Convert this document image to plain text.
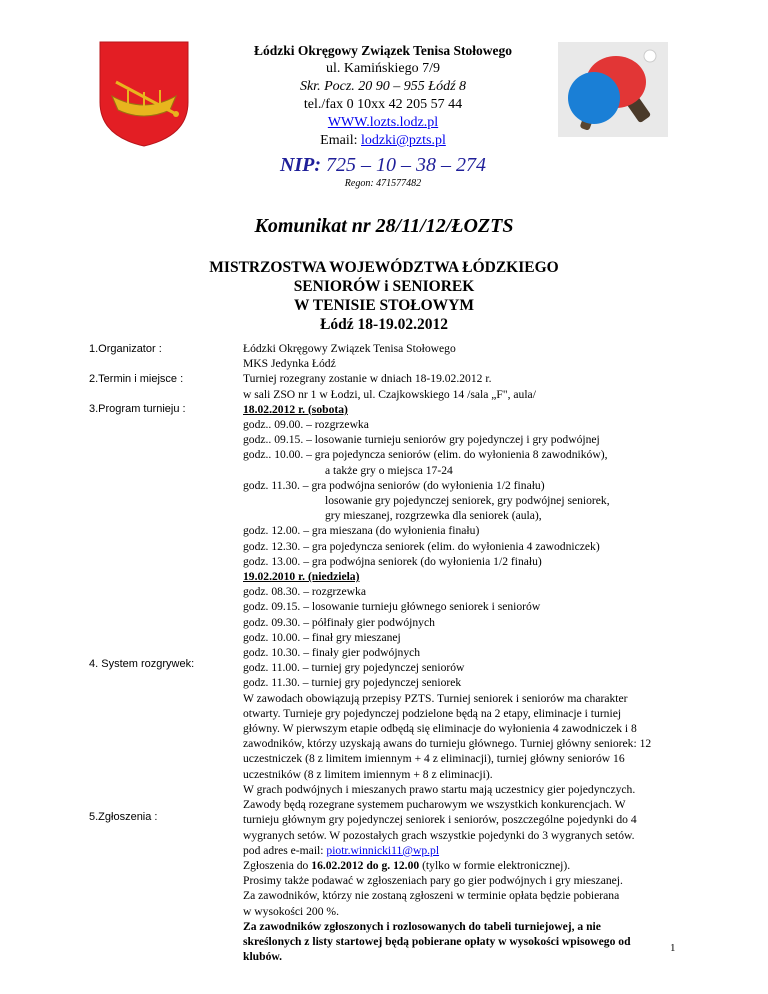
Łódzki Okręgowy Związek Tenisa Stołowego
ul. Kamińskiego 7/9
Skr. Pocz. 20 90 – 955 Łódź 8
tel./fax 0 10xx 42 205 57 44
WWW.lozts.lodz.pl
Email: lodzki@pzts.pl
NIP: 725 – 10 – 38 – 274
Regon: 471577482
Komunikat nr 28/11/12/ŁOZTS
MISTRZOSTWA WOJEWÓDZTWA ŁÓDZKIEGO
SENIORÓW i SENIOREK
W TENISIE STOŁOWYM
Łódź 18-19.02.2012
1.Organizator :
2.Termin i miejsce :
3.Program turnieju :
4. System rozgrywek:
5.Zgłoszenia :
Łódzki Okręgowy Związek Tenisa Stołowego
MKS Jedynka Łódź
Turniej rozegrany zostanie w dniach 18-19.02.2012 r.
w sali ZSO nr 1 w Łodzi, ul. Czajkowskiego 14 /sala „F", aula/
18.02.2012 r. (sobota)
godz.. 09.00. – rozgrzewka
godz.. 09.15. – losowanie turnieju seniorów gry pojedynczej i gry podwójnej
godz.. 10.00. – gra pojedyncza seniorów (elim. do wyłonienia 8 zawodników),
a także gry o miejsca 17-24
godz. 11.30. – gra podwójna seniorów (do wyłonienia 1/2 finału)
losowanie gry pojedynczej seniorek, gry podwójnej seniorek,
gry mieszanej, rozgrzewka dla seniorek (aula),
godz. 12.00. – gra mieszana (do wyłonienia finału)
godz. 12.30. – gra pojedyncza seniorek (elim. do wyłonienia 4 zawodniczek)
godz. 13.00. – gra podwójna seniorek (do wyłonienia 1/2 finału)
19.02.2010 r. (niedziela)
godz. 08.30. – rozgrzewka
godz. 09.15. – losowanie turnieju głównego seniorek i seniorów
godz. 09.30. – półfinały gier podwójnych
godz. 10.00. – finał gry mieszanej
godz. 10.30. – finały gier podwójnych
godz. 11.00. – turniej gry pojedynczej seniorów
godz. 11.30. – turniej gry pojedynczej seniorek
W zawodach obowiązują przepisy PZTS. Turniej seniorek i seniorów ma charakter
otwarty. Turnieje gry pojedynczej podzielone będą na 2 etapy, eliminacje i turniej
główny. W pierwszym etapie odbędą się eliminacje do wyłonienia 4 zawodniczek i 8
zawodników, którzy uzyskają awans do turnieju głównego. Turniej główny seniorek: 12
uczestniczek (8 z limitem imiennym + 4 z eliminacji), turniej główny seniorów 16
uczestników (8 z limitem imiennym + 8 z eliminacji).
W grach podwójnych i mieszanych prawo startu mają uczestnicy gier pojedynczych.
Zawody będą rozegrane systemem pucharowym we wszystkich konkurencjach. W
turnieju głównym gry pojedynczej seniorek i seniorów, poszczególne pojedynki do 4
wygranych setów. W pozostałych grach wszystkie pojedynki do 3 wygranych setów.
pod adres e-mail: piotr.winnicki11@wp.pl
Zgłoszenia do 16.02.2012 do g. 12.00 (tylko w formie elektronicznej).
Prosimy także podawać w zgłoszeniach pary go gier podwójnych i gry mieszanej.
Za zawodników, którzy nie zostaną zgłoszeni w terminie opłata będzie pobierana
w wysokości 200 %.
Za zawodników zgłoszonych i rozlosowanych do tabeli turniejowej, a nie
skreślonych z listy startowej będą pobierane opłaty w wysokości wpisowego od
klubów.
1
